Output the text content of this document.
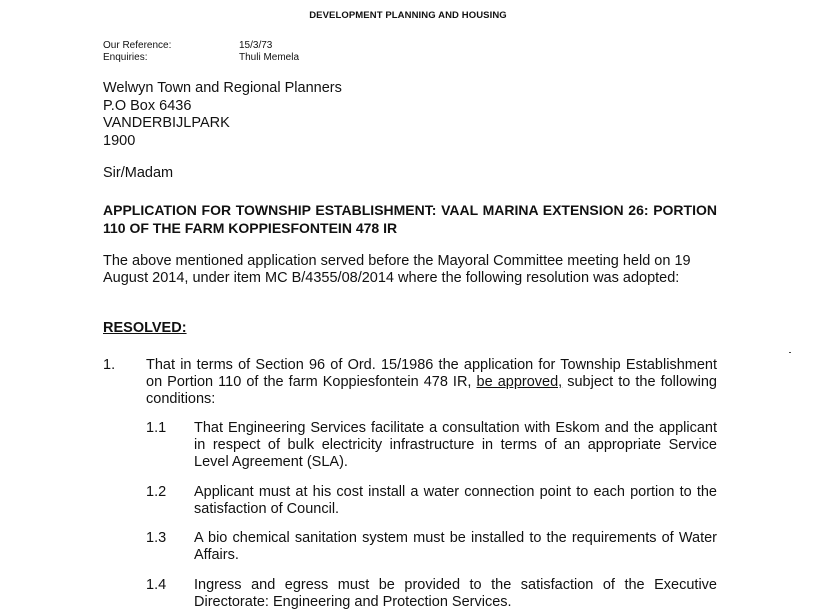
DEVELOPMENT PLANNING AND HOUSING
Our Reference:	15/3/73
Enquiries:	Thuli Memela
Welwyn Town and Regional Planners
P.O Box 6436
VANDERBIJLPARK
1900
Sir/Madam
APPLICATION FOR TOWNSHIP ESTABLISHMENT: VAAL MARINA EXTENSION 26: PORTION 110 OF THE FARM KOPPIESFONTEIN 478 IR
The above mentioned application served before the Mayoral Committee meeting held on 19 August 2014, under item MC B/4355/08/2014 where the following resolution was adopted:
RESOLVED:
1. That in terms of Section 96 of Ord. 15/1986 the application for Township Establishment on Portion 110 of the farm Koppiesfontein 478 IR, be approved, subject to the following conditions:
1.1 That Engineering Services facilitate a consultation with Eskom and the applicant in respect of bulk electricity infrastructure in terms of an appropriate Service Level Agreement (SLA).
1.2 Applicant must at his cost install a water connection point to each portion to the satisfaction of Council.
1.3 A bio chemical sanitation system must be installed to the requirements of Water Affairs.
1.4 Ingress and egress must be provided to the satisfaction of the Executive Directorate: Engineering and Protection Services.
